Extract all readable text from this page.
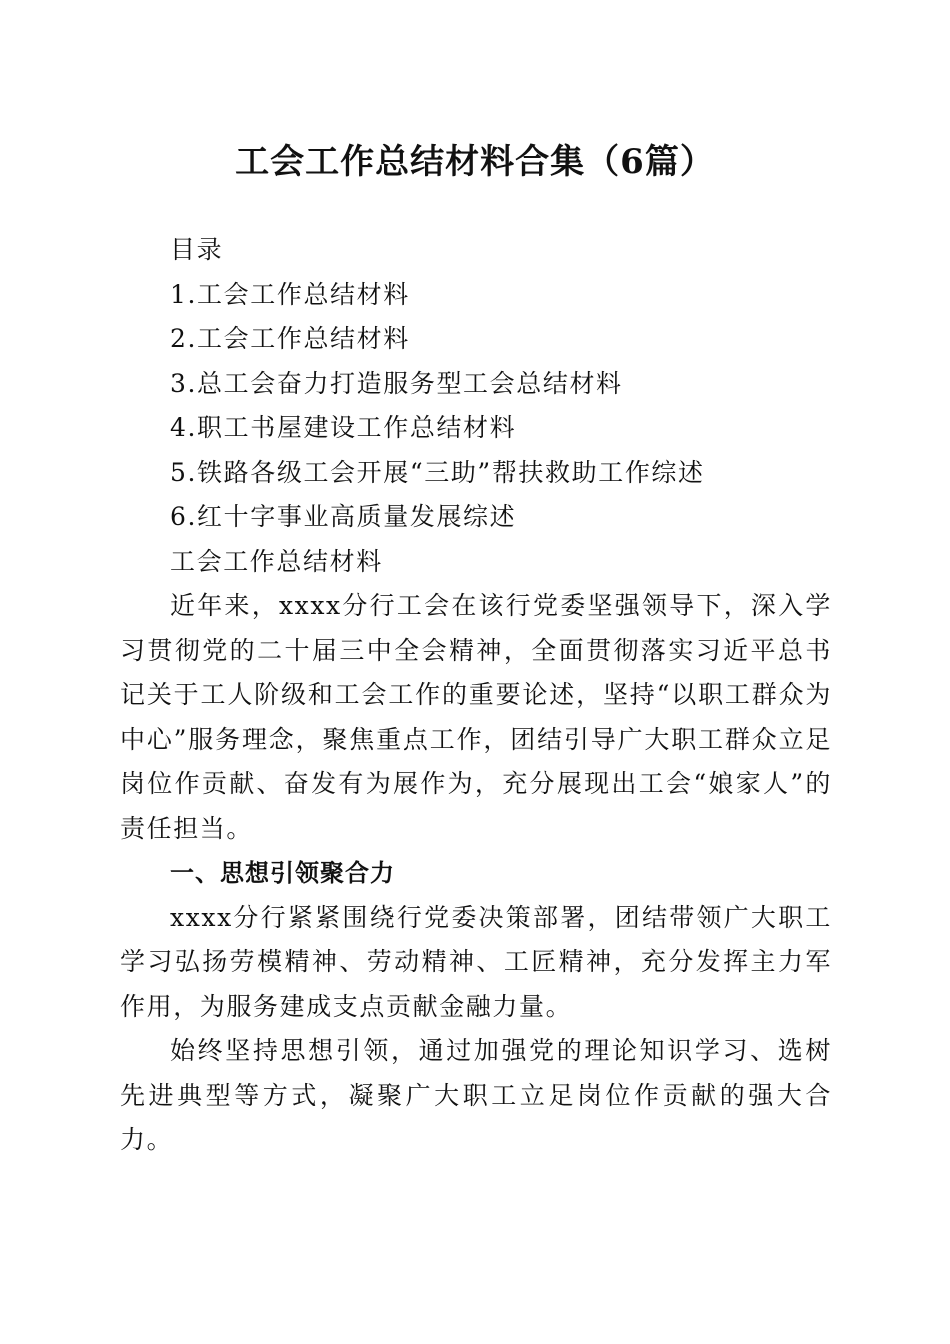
工会工作总结材料合集（6篇）

目录

1.工会工作总结材料

2.工会工作总结材料

3.总工会奋力打造服务型工会总结材料

4.职工书屋建设工作总结材料

5.铁路各级工会开展“三助”帮扶救助工作综述

6.红十字事业高质量发展综述

工会工作总结材料

近年来，xxxx分行工会在该行党委坚强领导下，深入学习贯彻党的二十届三中全会精神，全面贯彻落实习近平总书记关于工人阶级和工会工作的重要论述，坚持“以职工群众为中心”服务理念，聚焦重点工作，团结引导广大职工群众立足岗位作贡献、奋发有为展作为，充分展现出工会“娘家人”的责任担当。

一、思想引领聚合力

xxxx分行紧紧围绕行党委决策部署，团结带领广大职工学习弘扬劳模精神、劳动精神、工匠精神，充分发挥主力军作用，为服务建成支点贡献金融力量。

始终坚持思想引领，通过加强党的理论知识学习、选树先进典型等方式，凝聚广大职工立足岗位作贡献的强大合力。
